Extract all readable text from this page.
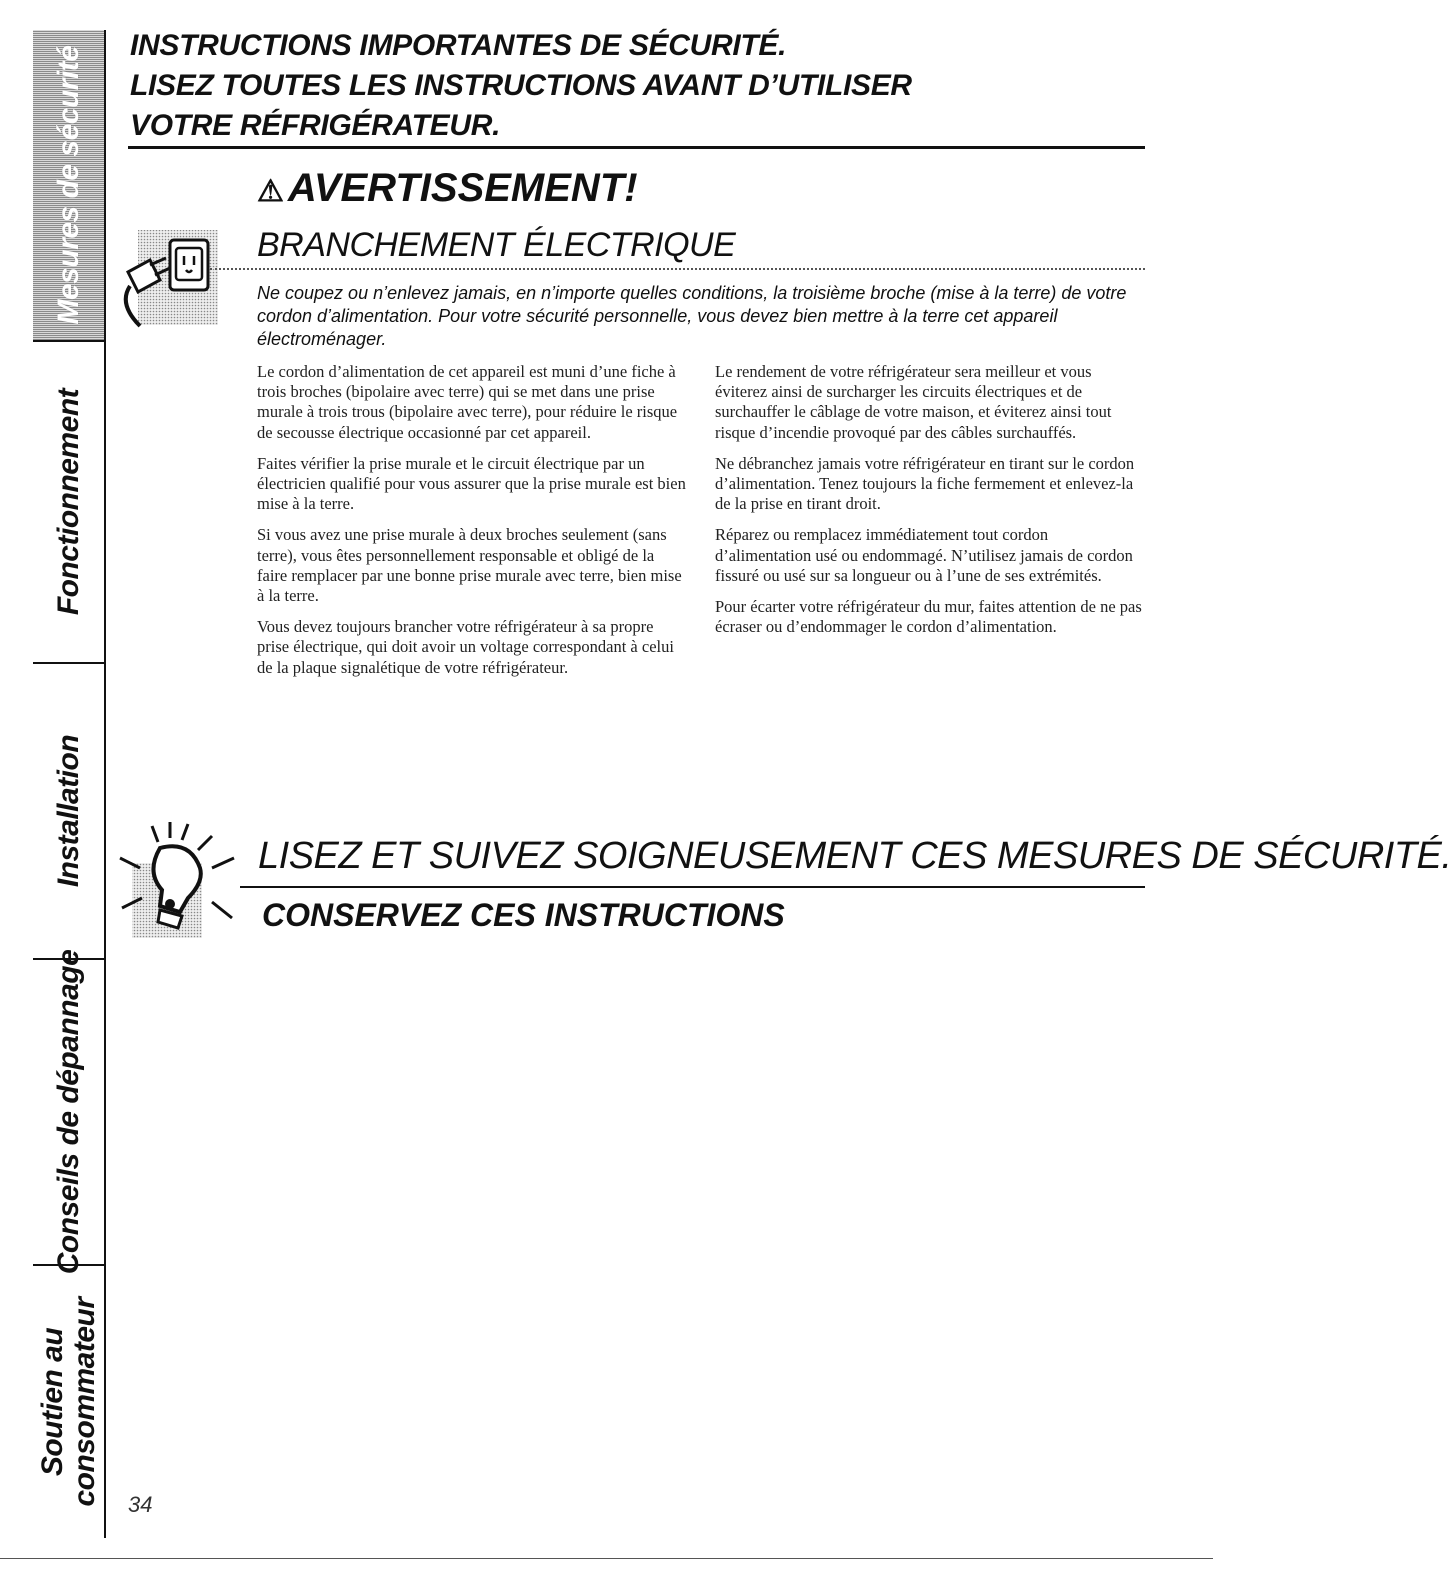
Mesures de sécurité
Fonctionnement
Installation
Conseils de dépannage
Soutien au
consommateur
INSTRUCTIONS IMPORTANTES DE SÉCURITÉ.
LISEZ TOUTES LES INSTRUCTIONS AVANT D’UTILISER
VOTRE RÉFRIGÉRATEUR.
⚠ AVERTISSEMENT!
BRANCHEMENT ÉLECTRIQUE
Ne coupez ou n’enlevez jamais, en n’importe quelles conditions, la troisième broche (mise à la terre) de votre cordon d’alimentation. Pour votre sécurité personnelle, vous devez bien mettre à la terre cet appareil électroménager.

Le cordon d’alimentation de cet appareil est muni d’une fiche à trois broches (bipolaire avec terre) qui se met dans une prise murale à trois trous (bipolaire avec terre), pour réduire le risque de secousse électrique occasionné par cet appareil.

Faites vérifier la prise murale et le circuit électrique par un électricien qualifié pour vous assurer que la prise murale est bien mise à la terre.

Si vous avez une prise murale à deux broches seulement (sans terre), vous êtes personnellement responsable et obligé de la faire remplacer par une bonne prise murale avec terre, bien mise à la terre.

Vous devez toujours brancher votre réfrigérateur à sa propre prise électrique, qui doit avoir un voltage correspondant à celui de la plaque signalétique de votre réfrigérateur.

Le rendement de votre réfrigérateur sera meilleur et vous éviterez ainsi de surcharger les circuits électriques et de surchauffer le câblage de votre maison, et éviterez ainsi tout risque d’incendie provoqué par des câbles surchauffés.

Ne débranchez jamais votre réfrigérateur en tirant sur le cordon d’alimentation. Tenez toujours la fiche fermement et enlevez-la de la prise en tirant droit.

Réparez ou remplacez immédiatement tout cordon d’alimentation usé ou endommagé. N’utilisez jamais de cordon fissuré ou usé sur sa longueur ou à l’une de ses extrémités.

Pour écarter votre réfrigérateur du mur, faites attention de ne pas écraser ou d’endommager le cordon d’alimentation.

LISEZ ET SUIVEZ SOIGNEUSEMENT CES MESURES DE SÉCURITÉ.
CONSERVEZ CES INSTRUCTIONS
34
